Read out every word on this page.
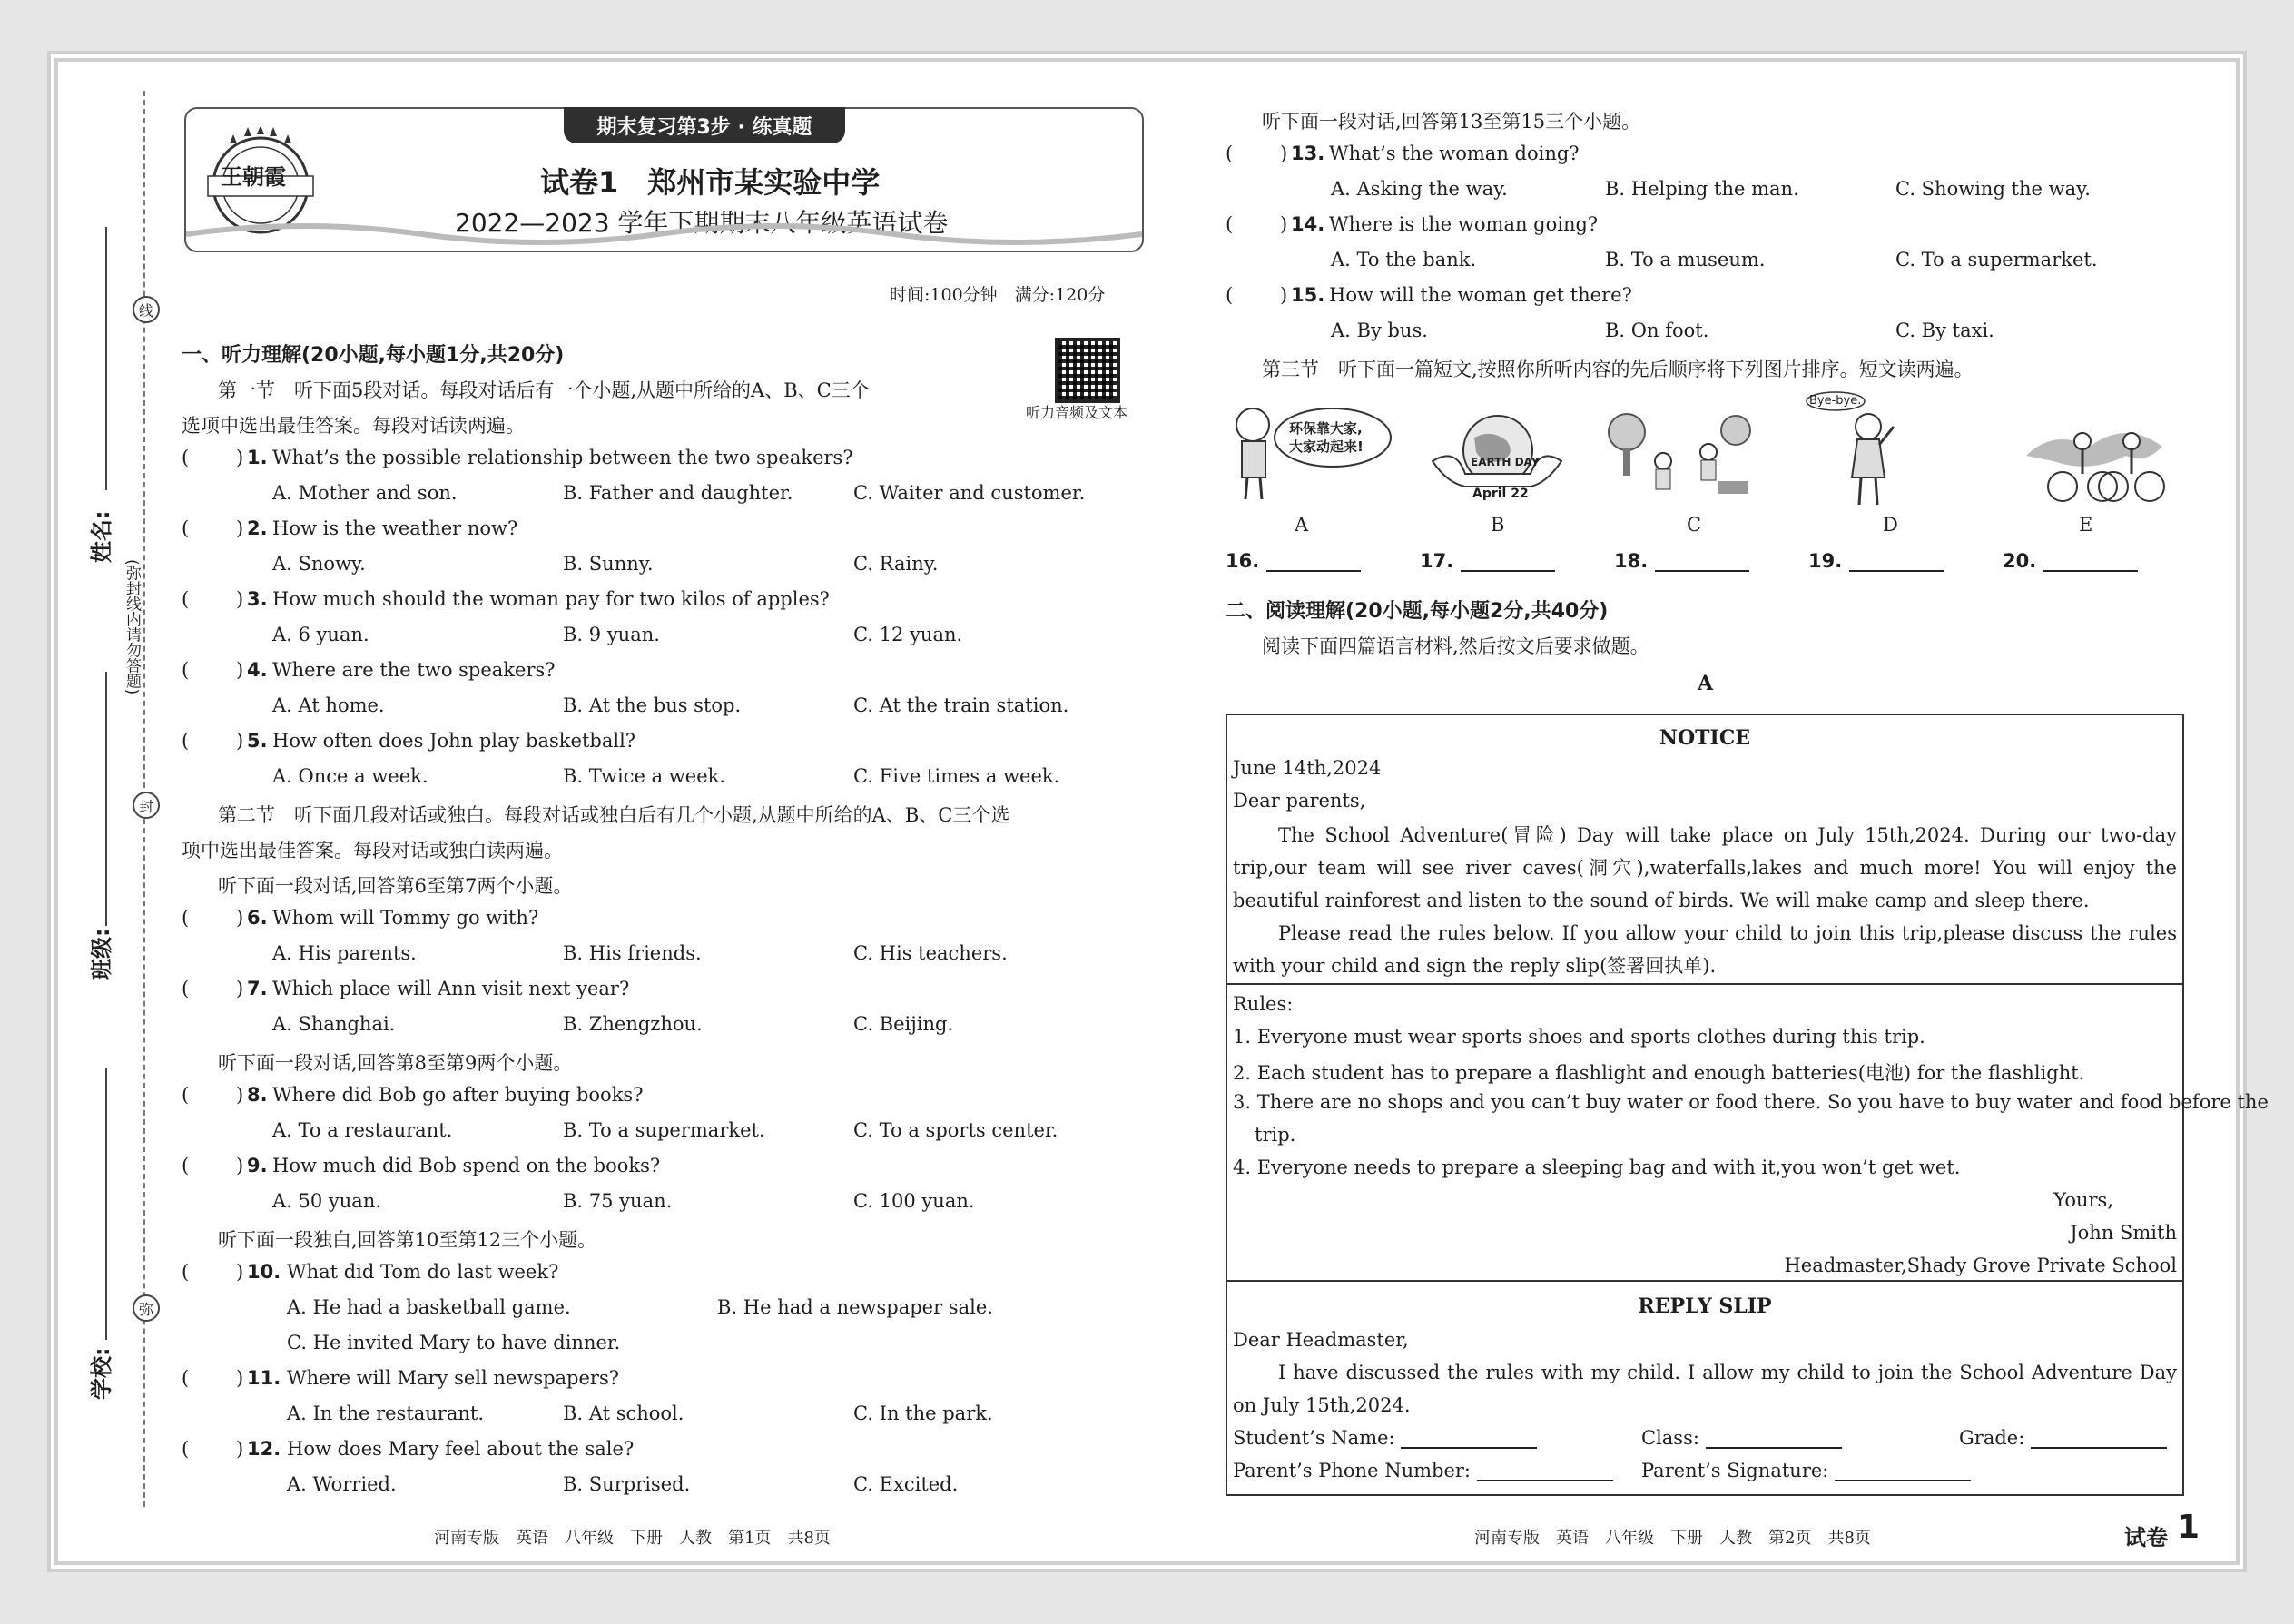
线
封
弥
(弥封线内请勿答题)
姓名:
班级:
学校:
期末复习第3步 · 练真题
王朝霞	试卷1　郑州市某实验中学
2022—2023 学年下期期末八年级英语试卷
时间:100分钟　满分:120分
一、听力理解(20小题,每小题1分,共20分)
第一节　听下面5段对话。每段对话后有一个小题,从题中所给的A、B、C三个
选项中选出最佳答案。每段对话读两遍。
听力音频及文本
( ) 1. What’s the possible relationship between the two speakers?
A. Mother and son.	B. Father and daughter.	C. Waiter and customer.
( ) 2. How is the weather now?
A. Snowy.	B. Sunny.	C. Rainy.
( ) 3. How much should the woman pay for two kilos of apples?
A. 6 yuan.	B. 9 yuan.	C. 12 yuan.
( ) 4. Where are the two speakers?
A. At home.	B. At the bus stop.	C. At the train station.
( ) 5. How often does John play basketball?
A. Once a week.	B. Twice a week.	C. Five times a week.
第二节　听下面几段对话或独白。每段对话或独白后有几个小题,从题中所给的A、B、C三个选
项中选出最佳答案。每段对话或独白读两遍。
听下面一段对话,回答第6至第7两个小题。
( ) 6. Whom will Tommy go with?
A. His parents.	B. His friends.	C. His teachers.
( ) 7. Which place will Ann visit next year?
A. Shanghai.	B. Zhengzhou.	C. Beijing.
听下面一段对话,回答第8至第9两个小题。
( ) 8. Where did Bob go after buying books?
A. To a restaurant.	B. To a supermarket.	C. To a sports center.
( ) 9. How much did Bob spend on the books?
A. 50 yuan.	B. 75 yuan.	C. 100 yuan.
听下面一段独白,回答第10至第12三个小题。
( ) 10. What did Tom do last week?
A. He had a basketball game.	B. He had a newspaper sale.
C. He invited Mary to have dinner.
( ) 11. Where will Mary sell newspapers?
A. In the restaurant.	B. At school.	C. In the park.
( ) 12. How does Mary feel about the sale?
A. Worried.	B. Surprised.	C. Excited.
听下面一段对话,回答第13至第15三个小题。
( ) 13. What’s the woman doing?
A. Asking the way.	B. Helping the man.	C. Showing the way.
( ) 14. Where is the woman going?
A. To the bank.	B. To a museum.	C. To a supermarket.
( ) 15. How will the woman get there?
A. By bus.	B. On foot.	C. By taxi.
第三节　听下面一篇短文,按照你所听内容的先后顺序将下列图片排序。短文读两遍。
环保靠大家,
大家动起来!
EARTH DAY
April 22
Bye-bye.
A	B	C	D	E
16.	17.	18.	19.	20.
二、阅读理解(20小题,每小题2分,共40分)
阅读下面四篇语言材料,然后按文后要求做题。
A
NOTICE
June 14th,2024
Dear parents,
The School Adventure(冒险) Day will take place on July 15th,2024. During our two-day trip,our team will see river caves(洞穴),waterfalls,lakes and much more! You will enjoy the beautiful rainforest and listen to the sound of birds. We will make camp and sleep there.
Please read the rules below. If you allow your child to join this trip,please discuss the rules with your child and sign the reply slip(签署回执单).
Rules:
1. Everyone must wear sports shoes and sports clothes during this trip.
2. Each student has to prepare a flashlight and enough batteries(电池) for the flashlight.
3. There are no shops and you can’t buy water or food there. So you have to buy water and food before the
trip.
4. Everyone needs to prepare a sleeping bag and with it,you won’t get wet.
Yours,
John Smith
Headmaster,Shady Grove Private School
REPLY SLIP
Dear Headmaster,
I have discussed the rules with my child. I allow my child to join the School Adventure Day on July 15th,2024.
Student’s Name:	Class:	Grade:
Parent’s Phone Number:	Parent’s Signature:
河南专版　英语　八年级　下册　人教　第1页　共8页	河南专版　英语　八年级　下册　人教　第2页　共8页	试卷 1
